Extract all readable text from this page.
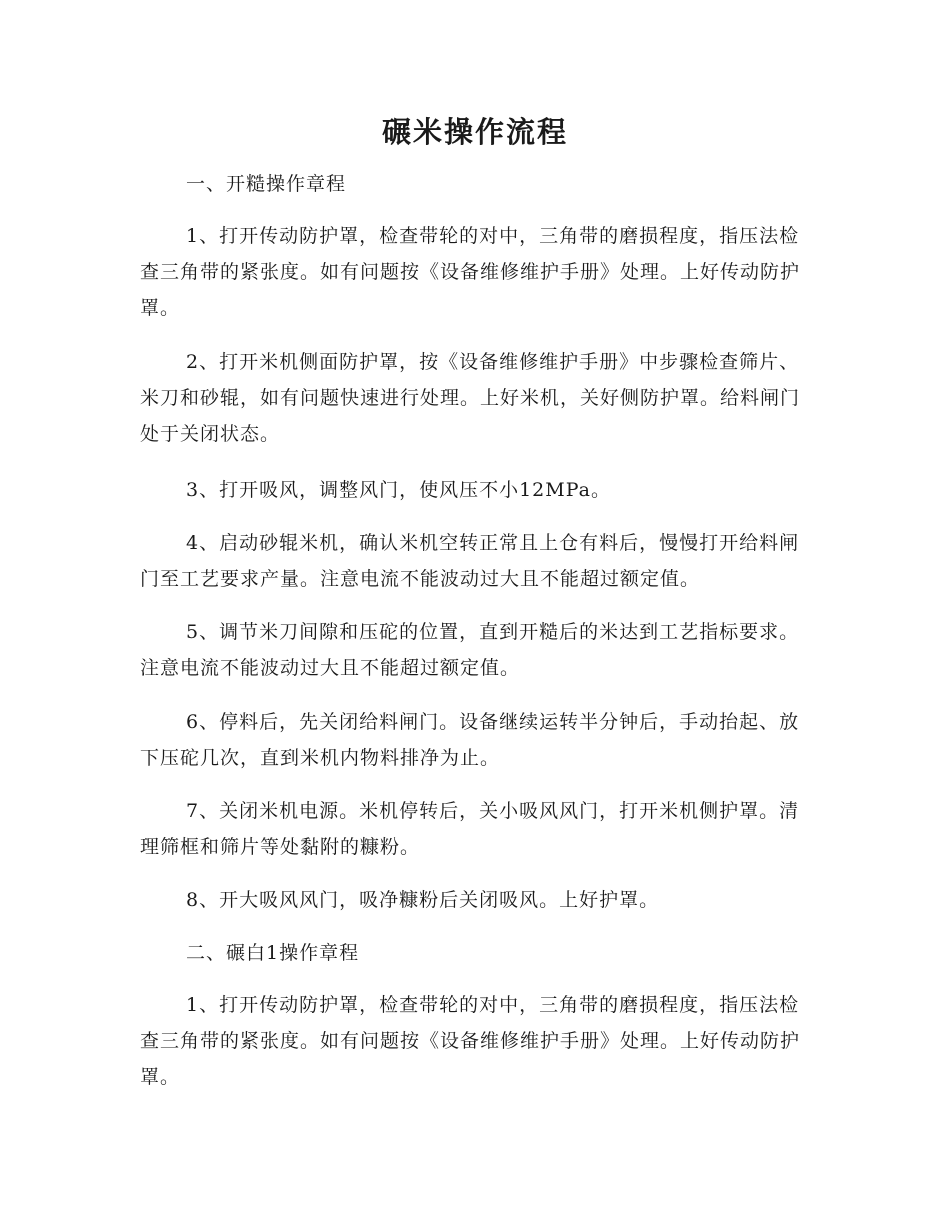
碾米操作流程

一、开糙操作章程

1、打开传动防护罩，检查带轮的对中，三角带的磨损程度，指压法检查三角带的紧张度。如有问题按《设备维修维护手册》处理。上好传动防护罩。

2、打开米机侧面防护罩，按《设备维修维护手册》中步骤检查筛片、米刀和砂辊，如有问题快速进行处理。上好米机，关好侧防护罩。给料闸门处于关闭状态。

3、打开吸风，调整风门，使风压不小12MPa。

4、启动砂辊米机，确认米机空转正常且上仓有料后，慢慢打开给料闸门至工艺要求产量。注意电流不能波动过大且不能超过额定值。

5、调节米刀间隙和压砣的位置，直到开糙后的米达到工艺指标要求。注意电流不能波动过大且不能超过额定值。

6、停料后，先关闭给料闸门。设备继续运转半分钟后，手动抬起、放下压砣几次，直到米机内物料排净为止。

7、关闭米机电源。米机停转后，关小吸风风门，打开米机侧护罩。清理筛框和筛片等处黏附的糠粉。

8、开大吸风风门，吸净糠粉后关闭吸风。上好护罩。

二、碾白1操作章程

1、打开传动防护罩，检查带轮的对中，三角带的磨损程度，指压法检查三角带的紧张度。如有问题按《设备维修维护手册》处理。上好传动防护罩。
